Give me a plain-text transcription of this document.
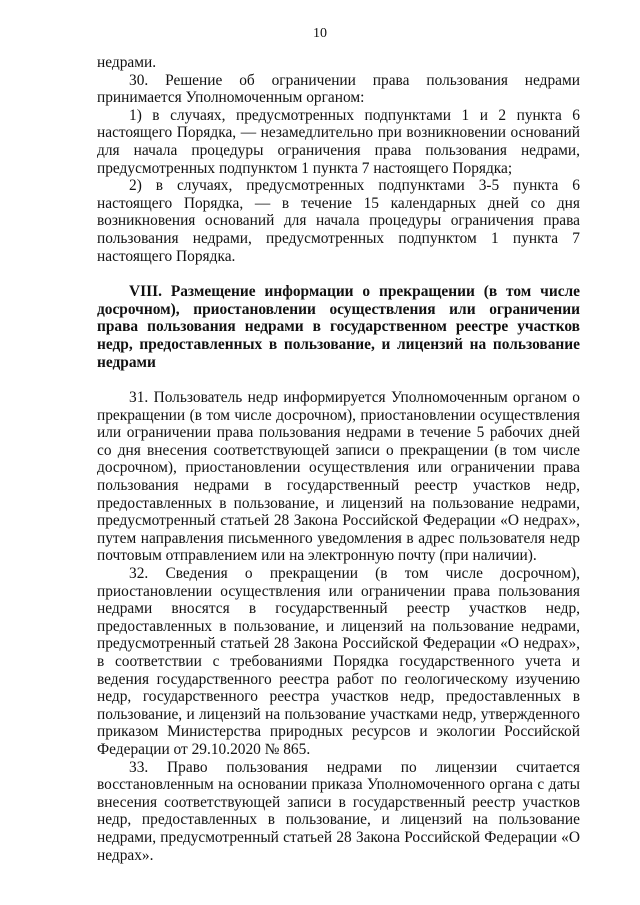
10

недрами.

30. Решение об ограничении права пользования недрами принимается Уполномоченным органом:

1) в случаях, предусмотренных подпунктами 1 и 2 пункта 6 настоящего Порядка, — незамедлительно при возникновении оснований для начала процедуры ограничения права пользования недрами, предусмотренных подпунктом 1 пункта 7 настоящего Порядка;

2) в случаях, предусмотренных подпунктами 3-5 пункта 6 настоящего Порядка, — в течение 15 календарных дней со дня возникновения оснований для начала процедуры ограничения права пользования недрами, предусмотренных подпунктом 1 пункта 7 настоящего Порядка.

VIII. Размещение информации о прекращении (в том числе досрочном), приостановлении осуществления или ограничении права пользования недрами в государственном реестре участков недр, предоставленных в пользование, и лицензий на пользование недрами

31. Пользователь недр информируется Уполномоченным органом о прекращении (в том числе досрочном), приостановлении осуществления или ограничении права пользования недрами в течение 5 рабочих дней со дня внесения соответствующей записи о прекращении (в том числе досрочном), приостановлении осуществления или ограничении права пользования недрами в государственный реестр участков недр, предоставленных в пользование, и лицензий на пользование недрами, предусмотренный статьей 28 Закона Российской Федерации «О недрах», путем направления письменного уведомления в адрес пользователя недр почтовым отправлением или на электронную почту (при наличии).

32. Сведения о прекращении (в том числе досрочном), приостановлении осуществления или ограничении права пользования недрами вносятся в государственный реестр участков недр, предоставленных в пользование, и лицензий на пользование недрами, предусмотренный статьей 28 Закона Российской Федерации «О недрах», в соответствии с требованиями Порядка государственного учета и ведения государственного реестра работ по геологическому изучению недр, государственного реестра участков недр, предоставленных в пользование, и лицензий на пользование участками недр, утвержденного приказом Министерства природных ресурсов и экологии Российской Федерации от 29.10.2020 № 865.

33. Право пользования недрами по лицензии считается восстановленным на основании приказа Уполномоченного органа с даты внесения соответствующей записи в государственный реестр участков недр, предоставленных в пользование, и лицензий на пользование недрами, предусмотренный статьей 28 Закона Российской Федерации «О недрах».
